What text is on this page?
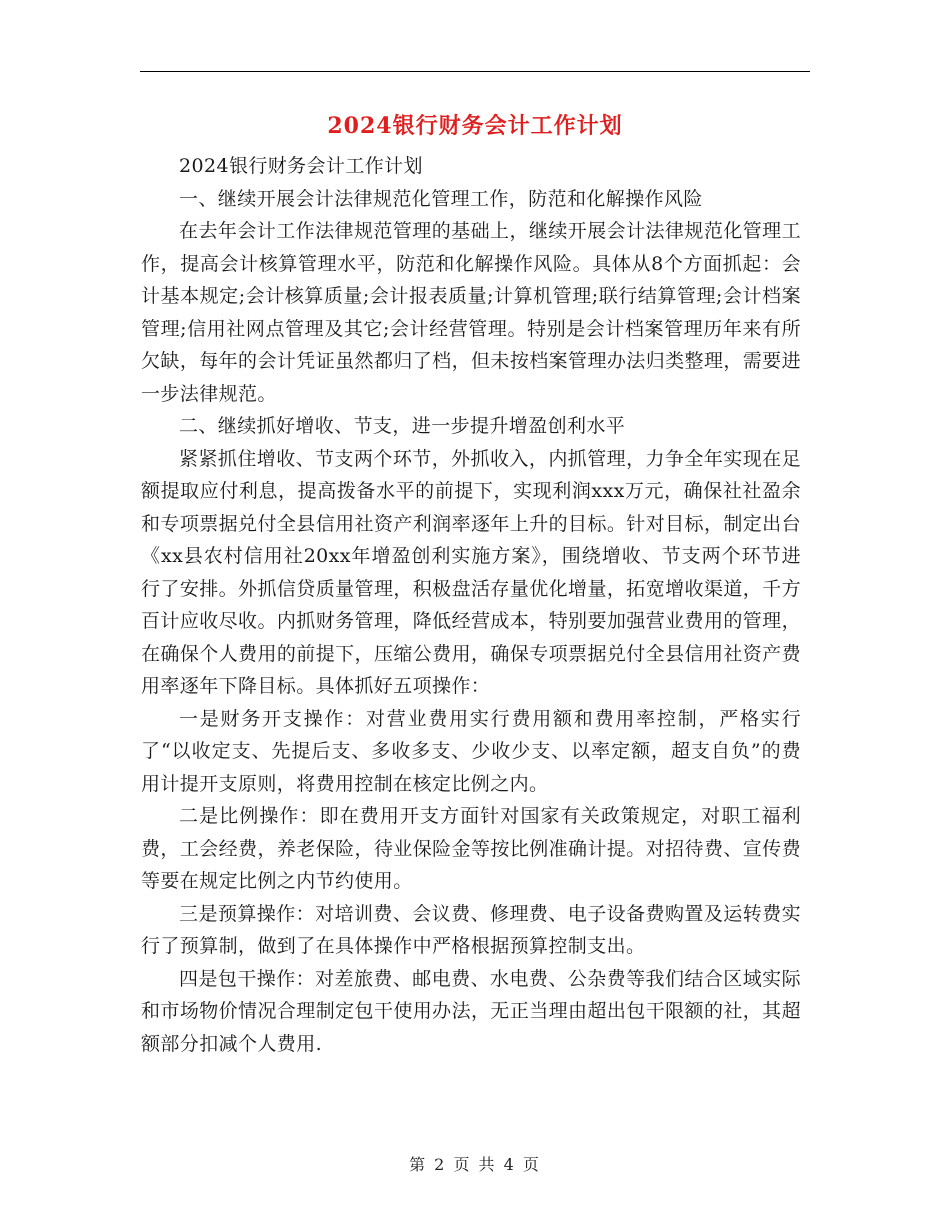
2024银行财务会计工作计划

2024银行财务会计工作计划

一、继续开展会计法律规范化管理工作，防范和化解操作风险

在去年会计工作法律规范管理的基础上，继续开展会计法律规范化管理工作，提高会计核算管理水平，防范和化解操作风险。具体从8个方面抓起：会计基本规定;会计核算质量;会计报表质量;计算机管理;联行结算管理;会计档案管理;信用社网点管理及其它;会计经营管理。特别是会计档案管理历年来有所欠缺，每年的会计凭证虽然都归了档，但未按档案管理办法归类整理，需要进一步法律规范。

二、继续抓好增收、节支，进一步提升增盈创利水平

紧紧抓住增收、节支两个环节，外抓收入，内抓管理，力争全年实现在足额提取应付利息，提高拨备水平的前提下，实现利润xxx万元，确保社社盈余和专项票据兑付全县信用社资产利润率逐年上升的目标。针对目标，制定出台《xx县农村信用社20xx年增盈创利实施方案》，围绕增收、节支两个环节进行了安排。外抓信贷质量管理，积极盘活存量优化增量，拓宽增收渠道，千方百计应收尽收。内抓财务管理，降低经营成本，特别要加强营业费用的管理，在确保个人费用的前提下，压缩公费用，确保专项票据兑付全县信用社资产费用率逐年下降目标。具体抓好五项操作：

一是财务开支操作：对营业费用实行费用额和费用率控制，严格实行了“以收定支、先提后支、多收多支、少收少支、以率定额，超支自负”的费用计提开支原则，将费用控制在核定比例之内。

二是比例操作：即在费用开支方面针对国家有关政策规定，对职工福利费，工会经费，养老保险，待业保险金等按比例准确计提。对招待费、宣传费等要在规定比例之内节约使用。

三是预算操作：对培训费、会议费、修理费、电子设备费购置及运转费实行了预算制，做到了在具体操作中严格根据预算控制支出。

四是包干操作：对差旅费、邮电费、水电费、公杂费等我们结合区域实际和市场物价情况合理制定包干使用办法，无正当理由超出包干限额的社，其超额部分扣减个人费用.

第 2 页 共 4 页
